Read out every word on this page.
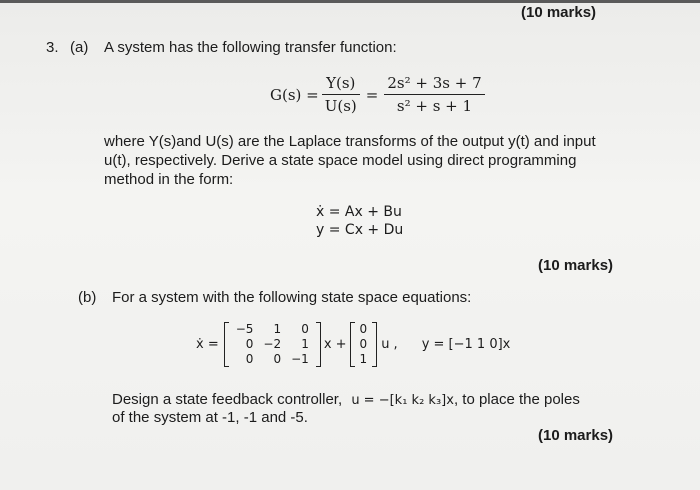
(10 marks)
3. (a) A system has the following transfer function:
$G(s) = \frac{Y(s)}{U(s)} = \frac{\text{2s² + 3s + 7}}{\text{s² + s + 1}}$
where Y(s)and U(s) are the Laplace transforms of the output y(t) and input
u(t), respectively. Derive a state space model using direct programming
method in the form:
ẋ = Ax + Bu
y = Cx + Du
(10 marks)
(b) For a system with the following state space equations:
ẋ =
−5	1	0
0	−2	1
0	0	−1
x +
0
0
1
u , y = [−1 1 0]x
Design a state feedback controller, u = −[k₁ k₂ k₃]x, to place the poles
of the system at -1, -1 and -5.
(10 marks)
